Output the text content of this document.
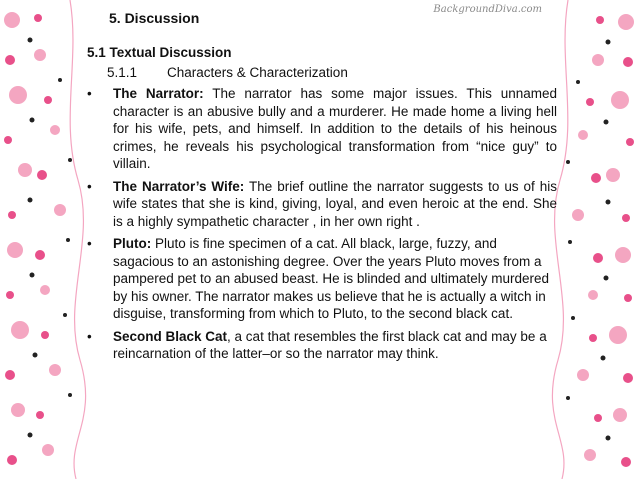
BackgroundDiva.com
5. Discussion
5.1 Textual Discussion
5.1.1 Characters & Characterization
• The Narrator: The narrator has some major issues. This unnamed character is an abusive bully and a murderer. He made home a living hell for his wife, pets, and himself. In addition to the details of his heinous crimes, he reveals his psychological transformation from “nice guy” to villain.
• The Narrator’s Wife: The brief outline the narrator suggests to us of his wife states that she is kind, giving, loyal, and even heroic at the end. She is a highly sympathetic character , in her own right .
• Pluto: Pluto is fine specimen of a cat. All black, large, fuzzy, and sagacious to an astonishing degree. Over the years Pluto moves from a pampered pet to an abused beast. He is blinded and ultimately murdered by his owner. The narrator makes us believe that he is actually a witch in disguise, transforming from which to Pluto, to the second black cat.
• Second Black Cat, a cat that resembles the first black cat and may be a reincarnation of the latter–or so the narrator may think.
